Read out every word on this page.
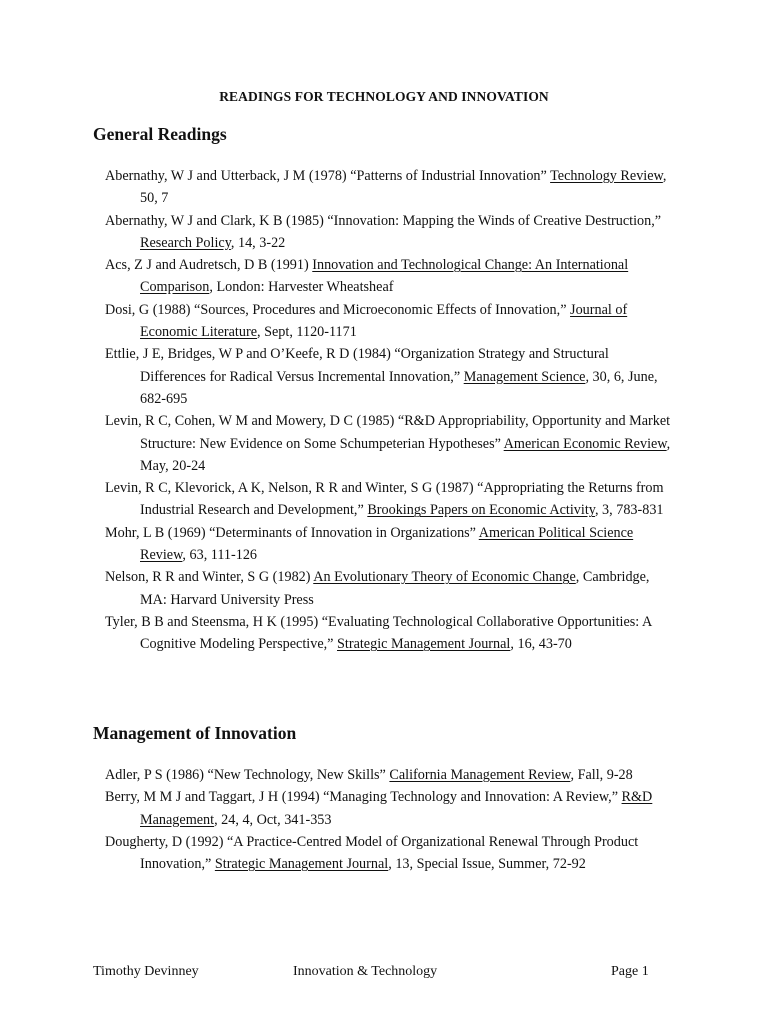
READINGS FOR TECHNOLOGY AND INNOVATION
General Readings
Abernathy, W J and Utterback, J M (1978) “Patterns of Industrial Innovation” Technology Review, 50, 7
Abernathy, W J and Clark, K B (1985) “Innovation: Mapping the Winds of Creative Destruction,” Research Policy, 14, 3-22
Acs, Z J and Audretsch, D B (1991) Innovation and Technological Change: An International Comparison, London: Harvester Wheatsheaf
Dosi, G (1988) “Sources, Procedures and Microeconomic Effects of Innovation,” Journal of Economic Literature, Sept, 1120-1171
Ettlie, J E, Bridges, W P and O’Keefe, R D (1984) “Organization Strategy and Structural Differences for Radical Versus Incremental Innovation,” Management Science, 30, 6, June, 682-695
Levin, R C, Cohen, W M and Mowery, D C (1985) “R&D Appropriability, Opportunity and Market Structure: New Evidence on Some Schumpeterian Hypotheses” American Economic Review, May, 20-24
Levin, R C, Klevorick, A K, Nelson, R R and Winter, S G (1987) “Appropriating the Returns from Industrial Research and Development,” Brookings Papers on Economic Activity, 3, 783-831
Mohr, L B (1969) “Determinants of Innovation in Organizations” American Political Science Review, 63, 111-126
Nelson, R R and Winter, S G (1982) An Evolutionary Theory of Economic Change, Cambridge, MA: Harvard University Press
Tyler, B B and Steensma, H K (1995) “Evaluating Technological Collaborative Opportunities: A Cognitive Modeling Perspective,” Strategic Management Journal, 16, 43-70
Management of Innovation
Adler, P S (1986) “New Technology, New Skills” California Management Review, Fall, 9-28
Berry, M M J and Taggart, J H (1994) “Managing Technology and Innovation: A Review,” R&D Management, 24, 4, Oct, 341-353
Dougherty, D (1992) “A Practice-Centred Model of Organizational Renewal Through Product Innovation,” Strategic Management Journal, 13, Special Issue, Summer, 72-92
Timothy Devinney	Innovation & Technology	Page 1
